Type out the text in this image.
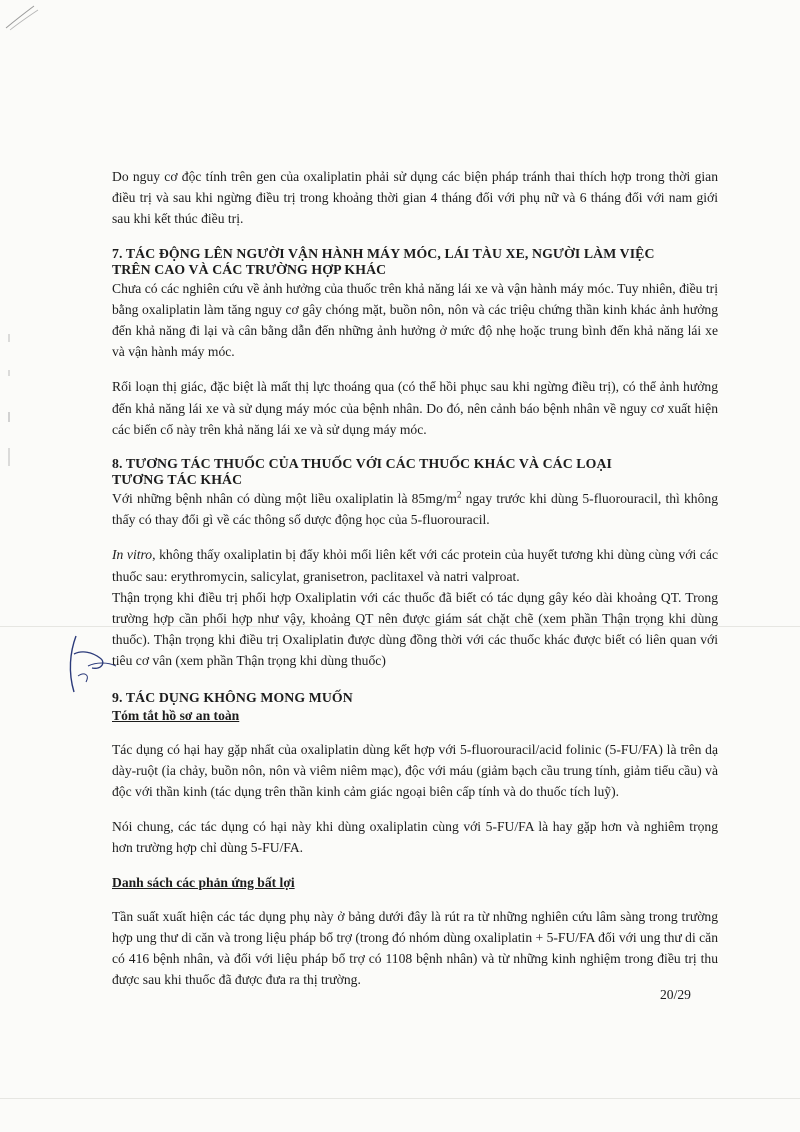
Do nguy cơ độc tính trên gen của oxaliplatin phải sử dụng các biện pháp tránh thai thích hợp trong thời gian điều trị và sau khi ngừng điều trị trong khoảng thời gian 4 tháng đối với phụ nữ và 6 tháng đối với nam giới sau khi kết thúc điều trị.

7. TÁC ĐỘNG LÊN NGƯỜI VẬN HÀNH MÁY MÓC, LÁI TÀU XE, NGƯỜI LÀM VIỆC
TRÊN CAO VÀ CÁC TRƯỜNG HỢP KHÁC

Chưa có các nghiên cứu về ảnh hưởng của thuốc trên khả năng lái xe và vận hành máy móc. Tuy nhiên, điều trị bằng oxaliplatin làm tăng nguy cơ gây chóng mặt, buồn nôn, nôn và các triệu chứng thần kinh khác ảnh hưởng đến khả năng đi lại và cân bằng dẫn đến những ảnh hưởng ở mức độ nhẹ hoặc trung bình đến khả năng lái xe và vận hành máy móc.

Rối loạn thị giác, đặc biệt là mất thị lực thoáng qua (có thể hồi phục sau khi ngừng điều trị), có thể ảnh hưởng đến khả năng lái xe và sử dụng máy móc của bệnh nhân. Do đó, nên cảnh báo bệnh nhân về nguy cơ xuất hiện các biến cố này trên khả năng lái xe và sử dụng máy móc.

8. TƯƠNG TÁC THUỐC CỦA THUỐC VỚI CÁC THUỐC KHÁC VÀ CÁC LOẠI
TƯƠNG TÁC KHÁC

Với những bệnh nhân có dùng một liều oxaliplatin là $85mg/m^2$ ngay trước khi dùng 5-fluorouracil, thì không thấy có thay đổi gì về các thông số dược động học của 5-fluorouracil.

In vitro, không thấy oxaliplatin bị đẩy khỏi mối liên kết với các protein của huyết tương khi dùng cùng với các thuốc sau: erythromycin, salicylat, granisetron, paclitaxel và natri valproat.

Thận trọng khi điều trị phối hợp Oxaliplatin với các thuốc đã biết có tác dụng gây kéo dài khoảng QT. Trong trường hợp cần phối hợp như vậy, khoảng QT nên được giám sát chặt chẽ (xem phần Thận trọng khi dùng thuốc). Thận trọng khi điều trị Oxaliplatin được dùng đồng thời với các thuốc khác được biết có liên quan với tiêu cơ vân (xem phần Thận trọng khi dùng thuốc)

9. TÁC DỤNG KHÔNG MONG MUỐN
Tóm tắt hồ sơ an toàn

Tác dụng có hại hay gặp nhất của oxaliplatin dùng kết hợp với 5-fluorouracil/acid folinic (5-FU/FA) là trên dạ dày-ruột (ỉa chảy, buồn nôn, nôn và viêm niêm mạc), độc với máu (giảm bạch cầu trung tính, giảm tiểu cầu) và độc với thần kinh (tác dụng trên thần kinh cảm giác ngoại biên cấp tính và do thuốc tích luỹ).

Nói chung, các tác dụng có hại này khi dùng oxaliplatin cùng với 5-FU/FA là hay gặp hơn và nghiêm trọng hơn trường hợp chỉ dùng 5-FU/FA.

Danh sách các phản ứng bất lợi

Tần suất xuất hiện các tác dụng phụ này ở bảng dưới đây là rút ra từ những nghiên cứu lâm sàng trong trường hợp ung thư di căn và trong liệu pháp bổ trợ (trong đó nhóm dùng oxaliplatin + 5-FU/FA đối với ung thư di căn có 416 bệnh nhân, và đối với liệu pháp bổ trợ có 1108 bệnh nhân) và từ những kinh nghiệm trong điều trị thu được sau khi thuốc đã được đưa ra thị trường.

20/29
